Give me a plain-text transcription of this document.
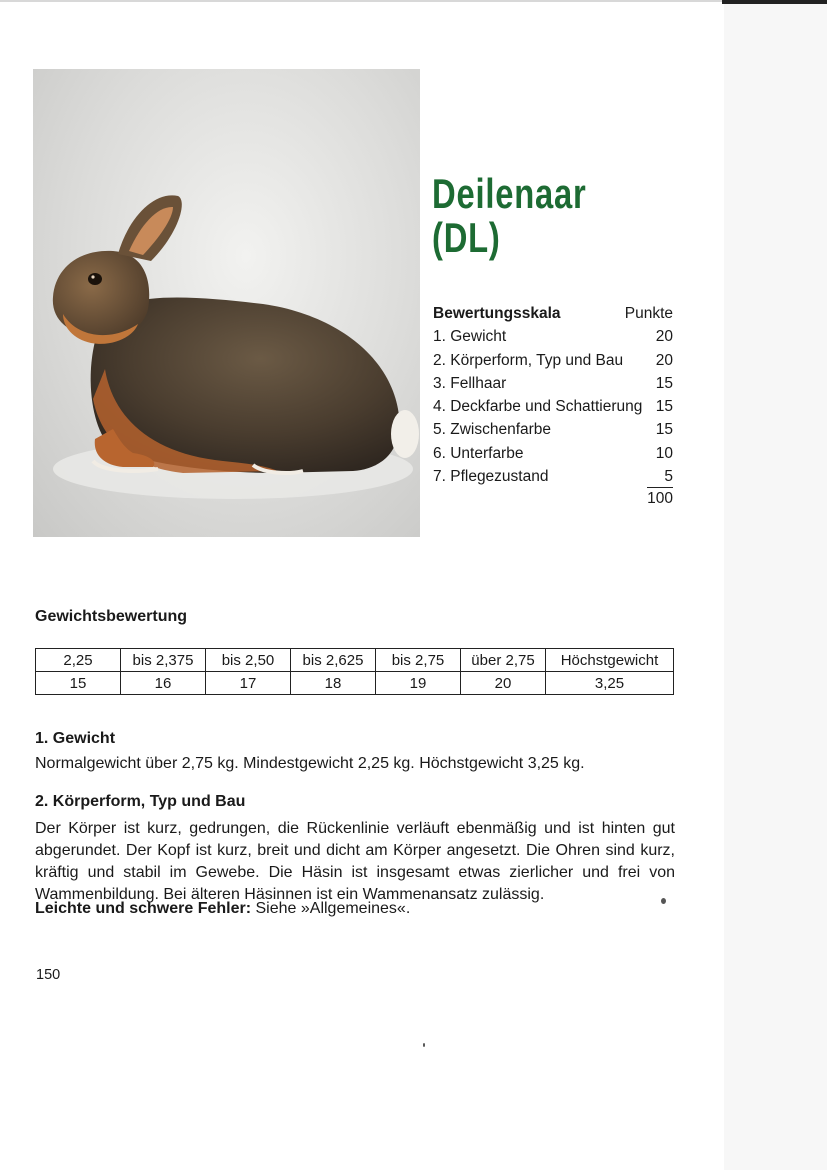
Deilenaar
(DL)
Bewertungsskala	Punkte
1. Gewicht	20
2. Körperform, Typ und Bau 20
3. Fellhaar	15
4. Deckfarbe und Schattierung 15
5. Zwischenfarbe	15
6. Unterfarbe	10
7. Pflegezustand	5
100
Gewichtsbewertung
2,25	bis 2,375	bis 2,50	bis 2,625	bis 2,75	über 2,75	Höchstgewicht
15	16	17	18	19	20	3,25
1. Gewicht

Normalgewicht über 2,75 kg. Mindestgewicht 2,25 kg. Höchstgewicht 3,25 kg.

2. Körperform, Typ und Bau

Der Körper ist kurz, gedrungen, die Rückenlinie verläuft ebenmäßig und ist hinten gut abgerundet. Der Kopf ist kurz, breit und dicht am Körper angesetzt. Die Ohren sind kurz, kräftig und stabil im Gewebe. Die Häsin ist insgesamt etwas zierlicher und frei von Wammenbildung. Bei älteren Häsinnen ist ein Wammenansatz zulässig.

Leichte und schwere Fehler: Siehe »Allgemeines«.
150
